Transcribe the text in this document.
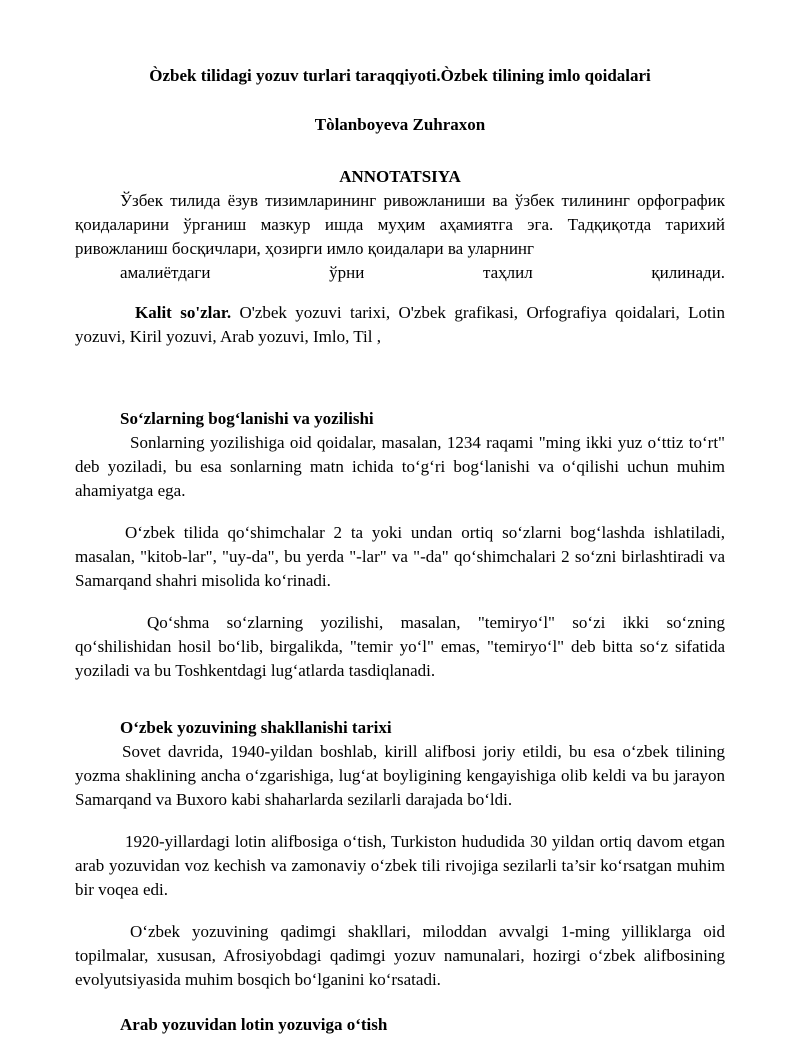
Òzbek tilidagi yozuv turlari taraqqiyoti.Òzbek tilining imlo qoidalari
Tòlanboyeva Zuhraxon
ANNOTATSIYA

Ўзбек тилида ёзув тизимларининг ривожланиши ва ўзбек тилининг орфографик қоидаларини ўрганиш мазкур ишда муҳим аҳамиятга эга. Тадқиқотда тарихий ривожланиш босқичлари, ҳозирги имло қоидалари ва уларнинг

амалиётдаги	ўрни	таҳлил	қилинади.

Kalit so'zlar. O'zbek yozuvi tarixi, O'zbek grafikasi, Orfografiya qoidalari, Lotin yozuvi, Kiril yozuvi, Arab yozuvi, Imlo, Til ,

So‘zlarning bog‘lanishi va yozilishi

Sonlarning yozilishiga oid qoidalar, masalan, 1234 raqami "ming ikki yuz o‘ttiz to‘rt" deb yoziladi, bu esa sonlarning matn ichida to‘g‘ri bog‘lanishi va o‘qilishi uchun muhim ahamiyatga ega.

O‘zbek tilida qo‘shimchalar 2 ta yoki undan ortiq so‘zlarni bog‘lashda ishlatiladi, masalan, "kitob-lar", "uy-da", bu yerda "-lar" va "-da" qo‘shimchalari 2 so‘zni birlashtiradi va Samarqand shahri misolida ko‘rinadi.

Qo‘shma so‘zlarning yozilishi, masalan, "temiryo‘l" so‘zi ikki so‘zning qo‘shilishidan hosil bo‘lib, birgalikda, "temir yo‘l" emas, "temiryo‘l" deb bitta so‘z sifatida yoziladi va bu Toshkentdagi lug‘atlarda tasdiqlanadi.

O‘zbek yozuvining shakllanishi tarixi

Sovet davrida, 1940-yildan boshlab, kirill alifbosi joriy etildi, bu esa o‘zbek tilining yozma shaklining ancha o‘zgarishiga, lug‘at boyligining kengayishiga olib keldi va bu jarayon Samarqand va Buxoro kabi shaharlarda sezilarli darajada bo‘ldi.

1920-yillardagi lotin alifbosiga o‘tish, Turkiston hududida 30 yildan ortiq davom etgan arab yozuvidan voz kechish va zamonaviy o‘zbek tili rivojiga sezilarli ta’sir ko‘rsatgan muhim bir voqea edi.

O‘zbek yozuvining qadimgi shakllari, miloddan avvalgi 1-ming yilliklarga oid topilmalar, xususan, Afrosiyobdagi qadimgi yozuv namunalari, hozirgi o‘zbek alifbosining evolyutsiyasida muhim bosqich bo‘lganini ko‘rsatadi.

Arab yozuvidan lotin yozuviga o‘tish
